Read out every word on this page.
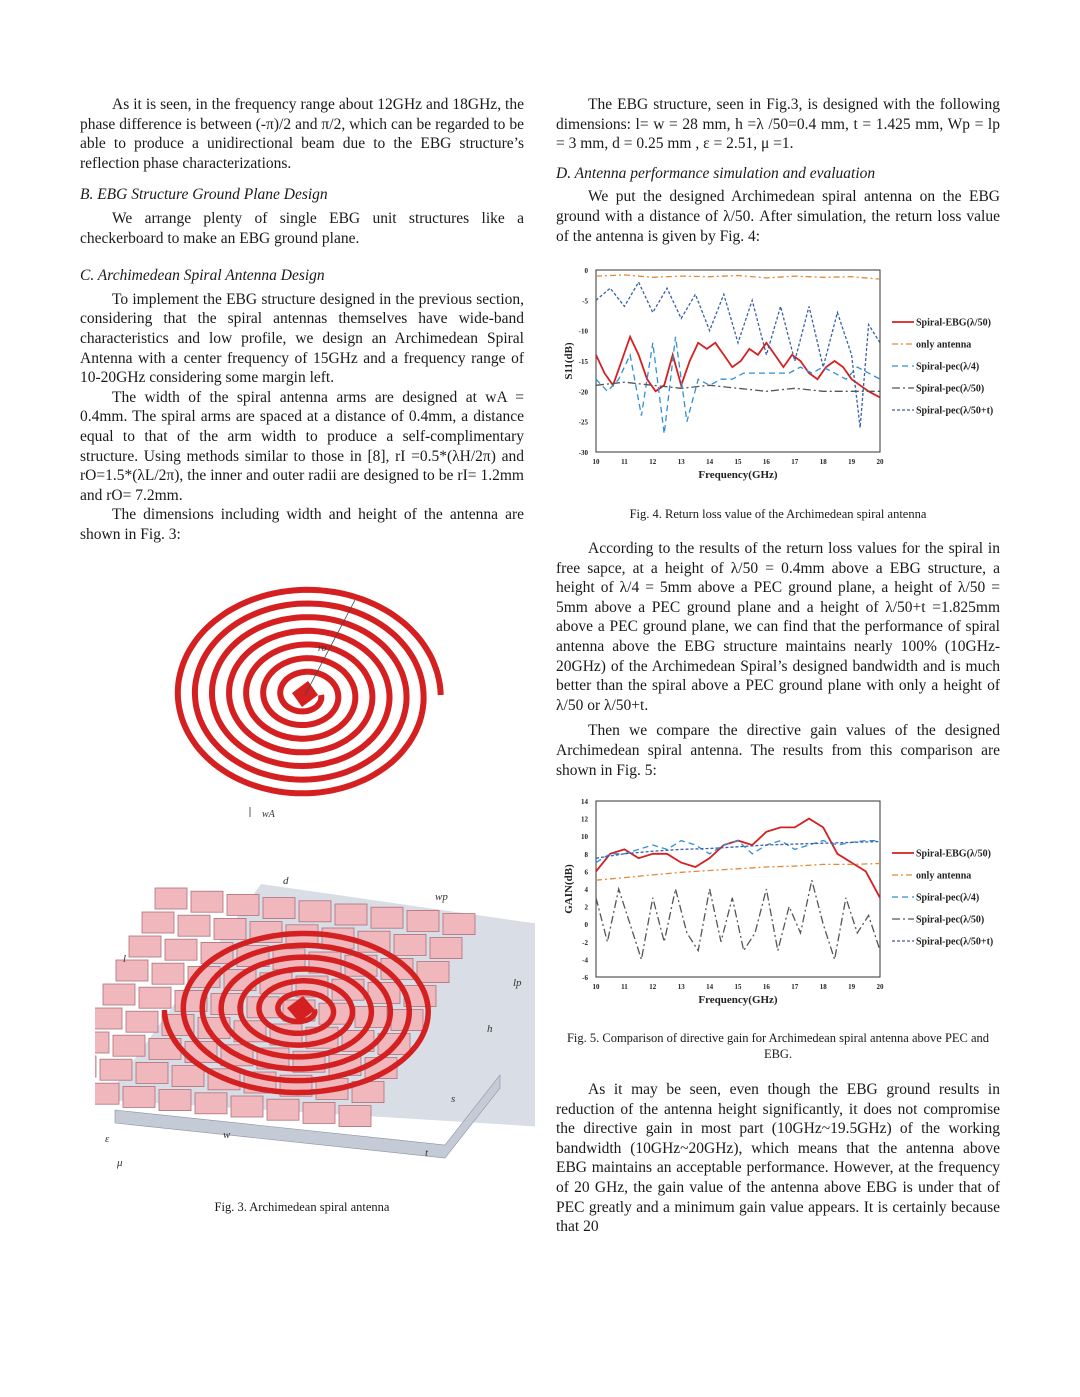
As it is seen, in the frequency range about 12GHz and 18GHz, the phase difference is between (-π)/2 and π/2, which can be regarded to be able to produce a unidirectional beam due to the EBG structure’s reflection phase characterizations.

B. EBG Structure Ground Plane Design

We arrange plenty of single EBG unit structures like a checkerboard to make an EBG ground plane.

C. Archimedean Spiral Antenna Design

To implement the EBG structure designed in the previous section, considering that the spiral antennas themselves have wide-band characteristics and low profile, we design an Archimedean Spiral Antenna with a center frequency of 15GHz and a frequency range of 10-20GHz considering some margin left.

The width of the spiral antenna arms are designed at wA = 0.4mm. The spiral arms are spaced at a distance of 0.4mm, a distance equal to that of the arm width to produce a self-complimentary structure. Using methods similar to those in [8], rI =0.5*(λH/2π) and rO=1.5*(λL/2π), the inner and outer radii are designed to be rI= 1.2mm and rO= 7.2mm.

The dimensions including width and height of the antenna are shown in Fig. 3:

ro
wA
d
wp
l
lp
h
s
w
ε
μ
t
Fig. 3. Archimedean spiral antenna

The EBG structure, seen in Fig.3, is designed with the following dimensions: l= w = 28 mm, h =λ /50=0.4 mm, t = 1.425 mm, Wp = lp = 3 mm, d = 0.25 mm , ε = 2.51, μ =1.

D. Antenna performance simulation and evaluation

We put the designed Archimedean spiral antenna on the EBG ground with a distance of λ/50. After simulation, the return loss value of the antenna is given by Fig. 4:

10	11	12	13	14	15	16	17	18	19	20
0
-5
-10
-15
-20
-25
-30
Frequency(GHz)
S11(dB)
Spiral-EBG(λ/50)
only antenna
Spiral-pec(λ/4)
Spiral-pec(λ/50)
Spiral-pec(λ/50+t)
Fig. 4. Return loss value of the Archimedean spiral antenna

According to the results of the return loss values for the spiral in free sapce, at a height of λ/50 = 0.4mm above a EBG structure, a height of λ/4 = 5mm above a PEC ground plane, a height of λ/50 = 5mm above a PEC ground plane and a height of λ/50+t =1.825mm above a PEC ground plane, we can find that the performance of spiral antenna above the EBG structure maintains nearly 100% (10GHz-20GHz) of the Archimedean Spiral’s designed bandwidth and is much better than the spiral above a PEC ground plane with only a height of λ/50 or λ/50+t.

Then we compare the directive gain values of the designed Archimedean spiral antenna. The results from this comparison are shown in Fig. 5:

10	11	12	13	14	15	16	17	18	19	20
14
12
10
8
6
4
2
0
-2
-4
-6
Frequency(GHz)
GAIN(dB)
Spiral-EBG(λ/50)
only antenna
Spiral-pec(λ/4)
Spiral-pec(λ/50)
Spiral-pec(λ/50+t)
Fig. 5. Comparison of directive gain for Archimedean spiral antenna above PEC and EBG.

As it may be seen, even though the EBG ground results in reduction of the antenna height significantly, it does not compromise the directive gain in most part (10GHz~19.5GHz) of the working bandwidth (10GHz~20GHz), which means that the antenna above EBG maintains an acceptable performance. However, at the frequency of 20 GHz, the gain value of the antenna above EBG is under that of PEC greatly and a minimum gain value appears. It is certainly because that 20
